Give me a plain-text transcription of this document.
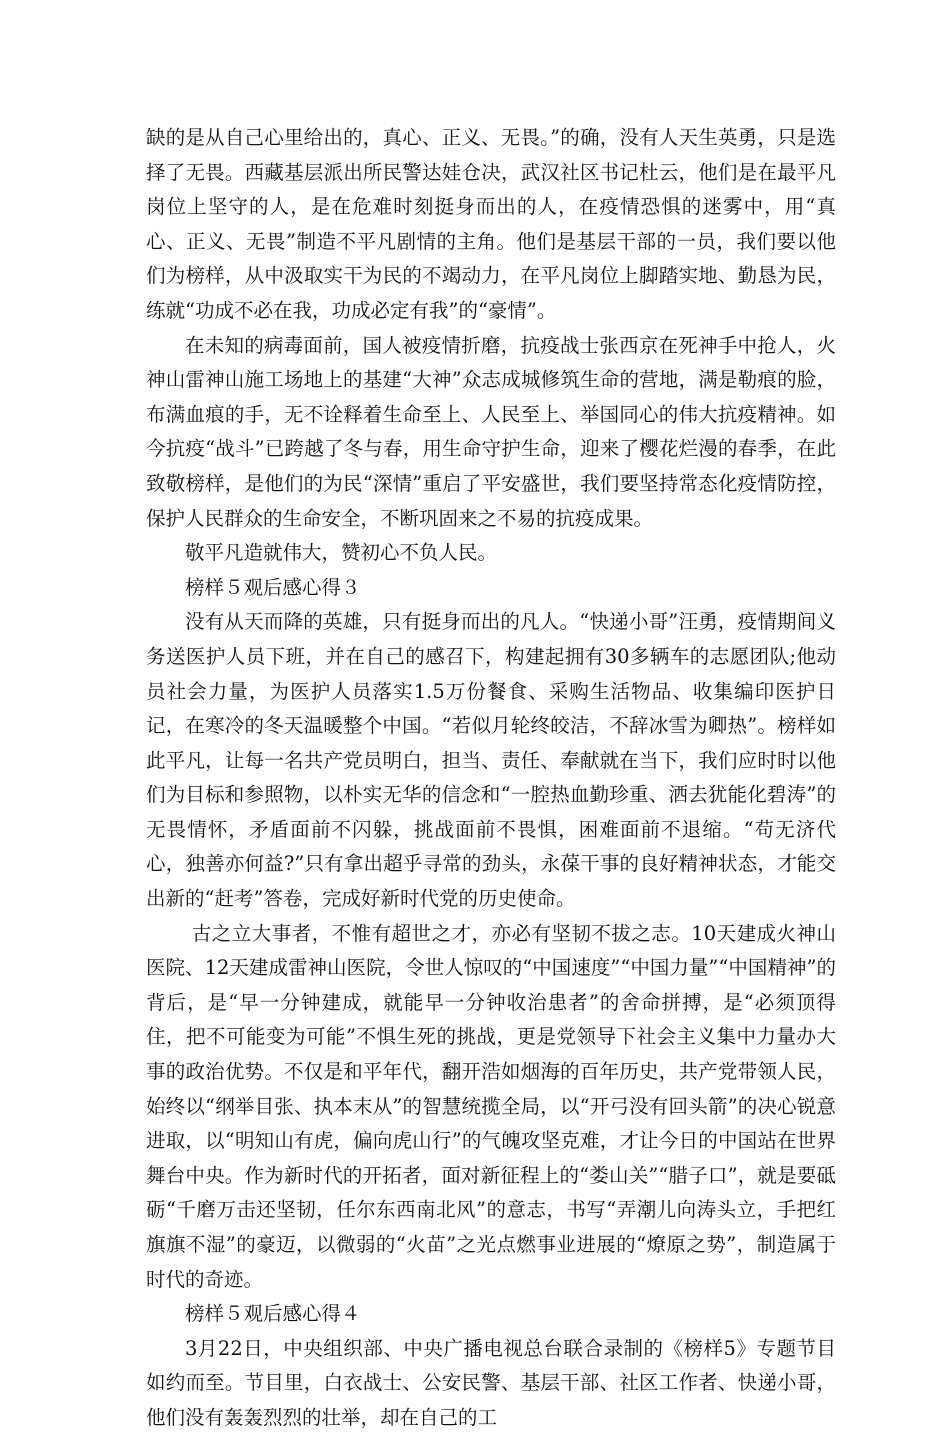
缺的是从自己心里给出的，真心、正义、无畏。”的确，没有人天生英勇，只是选择了无畏。西藏基层派出所民警达娃仓决，武汉社区书记杜云，他们是在最平凡岗位上坚守的人，是在危难时刻挺身而出的人，在疫情恐惧的迷雾中，用“真心、正义、无畏”制造不平凡剧情的主角。他们是基层干部的一员，我们要以他们为榜样，从中汲取实干为民的不竭动力，在平凡岗位上脚踏实地、勤恳为民，练就“功成不必在我，功成必定有我”的“豪情”。

在未知的病毒面前，国人被疫情折磨，抗疫战士张西京在死神手中抢人，火神山雷神山施工场地上的基建“大神”众志成城修筑生命的营地，满是勒痕的脸，布满血痕的手，无不诠释着生命至上、人民至上、举国同心的伟大抗疫精神。如今抗疫“战斗”已跨越了冬与春，用生命守护生命，迎来了樱花烂漫的春季，在此致敬榜样，是他们的为民“深情”重启了平安盛世，我们要坚持常态化疫情防控，保护人民群众的生命安全，不断巩固来之不易的抗疫成果。

敬平凡造就伟大，赞初心不负人民。

榜样５观后感心得３

没有从天而降的英雄，只有挺身而出的凡人。“快递小哥”汪勇，疫情期间义务送医护人员下班，并在自己的感召下，构建起拥有30多辆车的志愿团队;他动员社会力量，为医护人员落实1.5万份餐食、采购生活物品、收集编印医护日记，在寒冷的冬天温暖整个中国。“若似月轮终皎洁，不辞冰雪为卿热”。榜样如此平凡，让每一名共产党员明白，担当、责任、奉献就在当下，我们应时时以他们为目标和参照物，以朴实无华的信念和“一腔热血勤珍重、洒去犹能化碧涛”的无畏情怀，矛盾面前不闪躲，挑战面前不畏惧，困难面前不退缩。“苟无济代心，独善亦何益?”只有拿出超乎寻常的劲头，永葆干事的良好精神状态，才能交出新的“赶考”答卷，完成好新时代党的历史使命。

古之立大事者，不惟有超世之才，亦必有坚韧不拔之志。10天建成火神山医院、12天建成雷神山医院，令世人惊叹的“中国速度”“中国力量”“中国精神”的背后，是“早一分钟建成，就能早一分钟收治患者”的舍命拼搏，是“必须顶得住，把不可能变为可能”不惧生死的挑战，更是党领导下社会主义集中力量办大事的政治优势。不仅是和平年代，翻开浩如烟海的百年历史，共产党带领人民，始终以“纲举目张、执本末从”的智慧统揽全局，以“开弓没有回头箭”的决心锐意进取，以“明知山有虎，偏向虎山行”的气魄攻坚克难，才让今日的中国站在世界舞台中央。作为新时代的开拓者，面对新征程上的“娄山关”“腊子口”，就是要砥砺“千磨万击还坚韧，任尔东西南北风”的意志，书写“弄潮儿向涛头立，手把红旗旗不湿”的豪迈，以微弱的“火苗”之光点燃事业进展的“燎原之势”，制造属于时代的奇迹。

榜样５观后感心得４

3月22日，中央组织部、中央广播电视总台联合录制的《榜样5》专题节目如约而至。节目里，白衣战士、公安民警、基层干部、社区工作者、快递小哥，他们没有轰轰烈烈的壮举，却在自己的工
